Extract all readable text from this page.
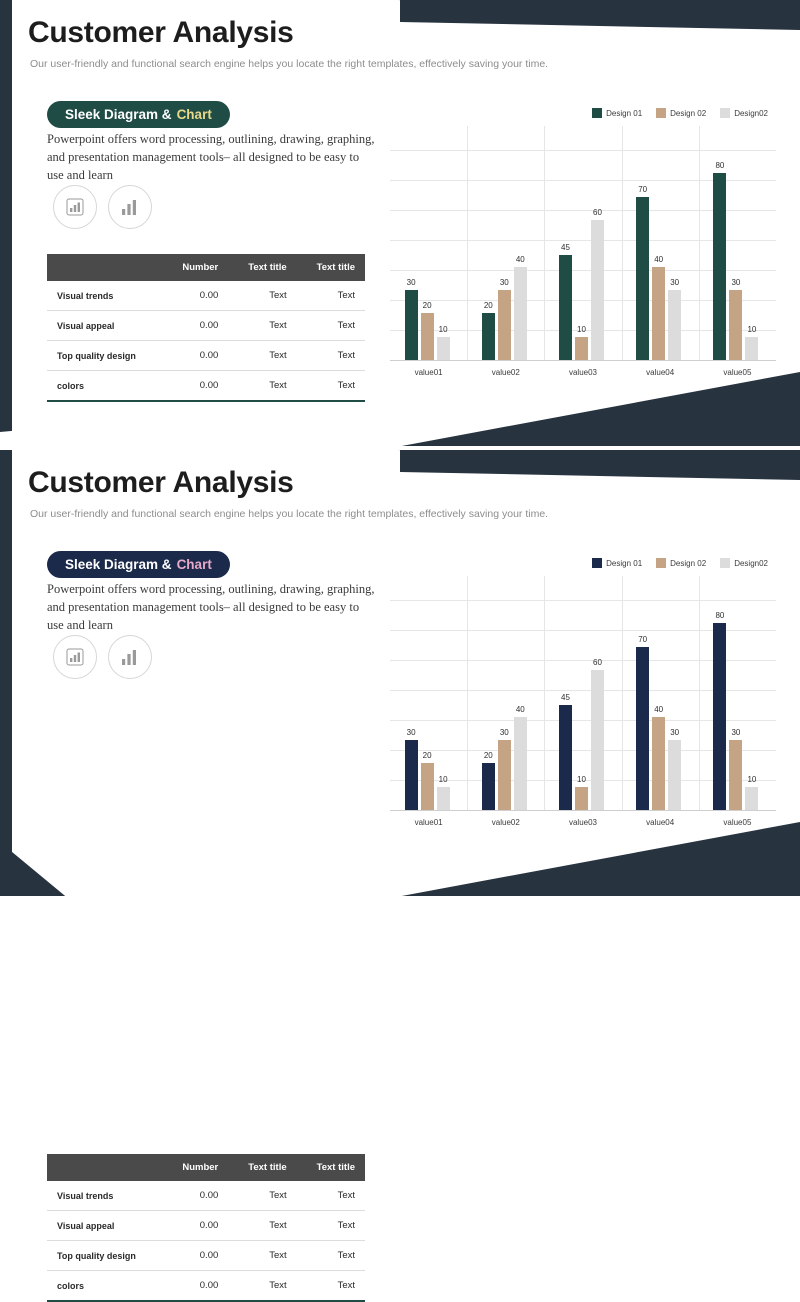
Customer Analysis
Our user-friendly and functional search engine helps you locate the right templates, effectively saving your time.
Sleek Diagram & Chart
Powerpoint offers word processing, outlining, drawing, graphing, and presentation management tools– all designed to be easy to use and learn
	Number	Text title	Text title
Visual trends	0.00	Text	Text
Visual appeal	0.00	Text	Text
Top quality design	0.00	Text	Text
colors	0.00	Text	Text
Design 01	Design 02	Design02
30
20
10
value01
20
30
40
value02
45
10
60
value03
70
40
30
value04
80
30
10
value05
Customer Analysis
Our user-friendly and functional search engine helps you locate the right templates, effectively saving your time.
Sleek Diagram & Chart
Powerpoint offers word processing, outlining, drawing, graphing, and presentation management tools– all designed to be easy to use and learn
	Number	Text title	Text title
Visual trends	0.00	Text	Text
Visual appeal	0.00	Text	Text
Top quality design	0.00	Text	Text
colors	0.00	Text	Text
Design 01	Design 02	Design02
30
20
10
value01
20
30
40
value02
45
10
60
value03
70
40
30
value04
80
30
10
value05
